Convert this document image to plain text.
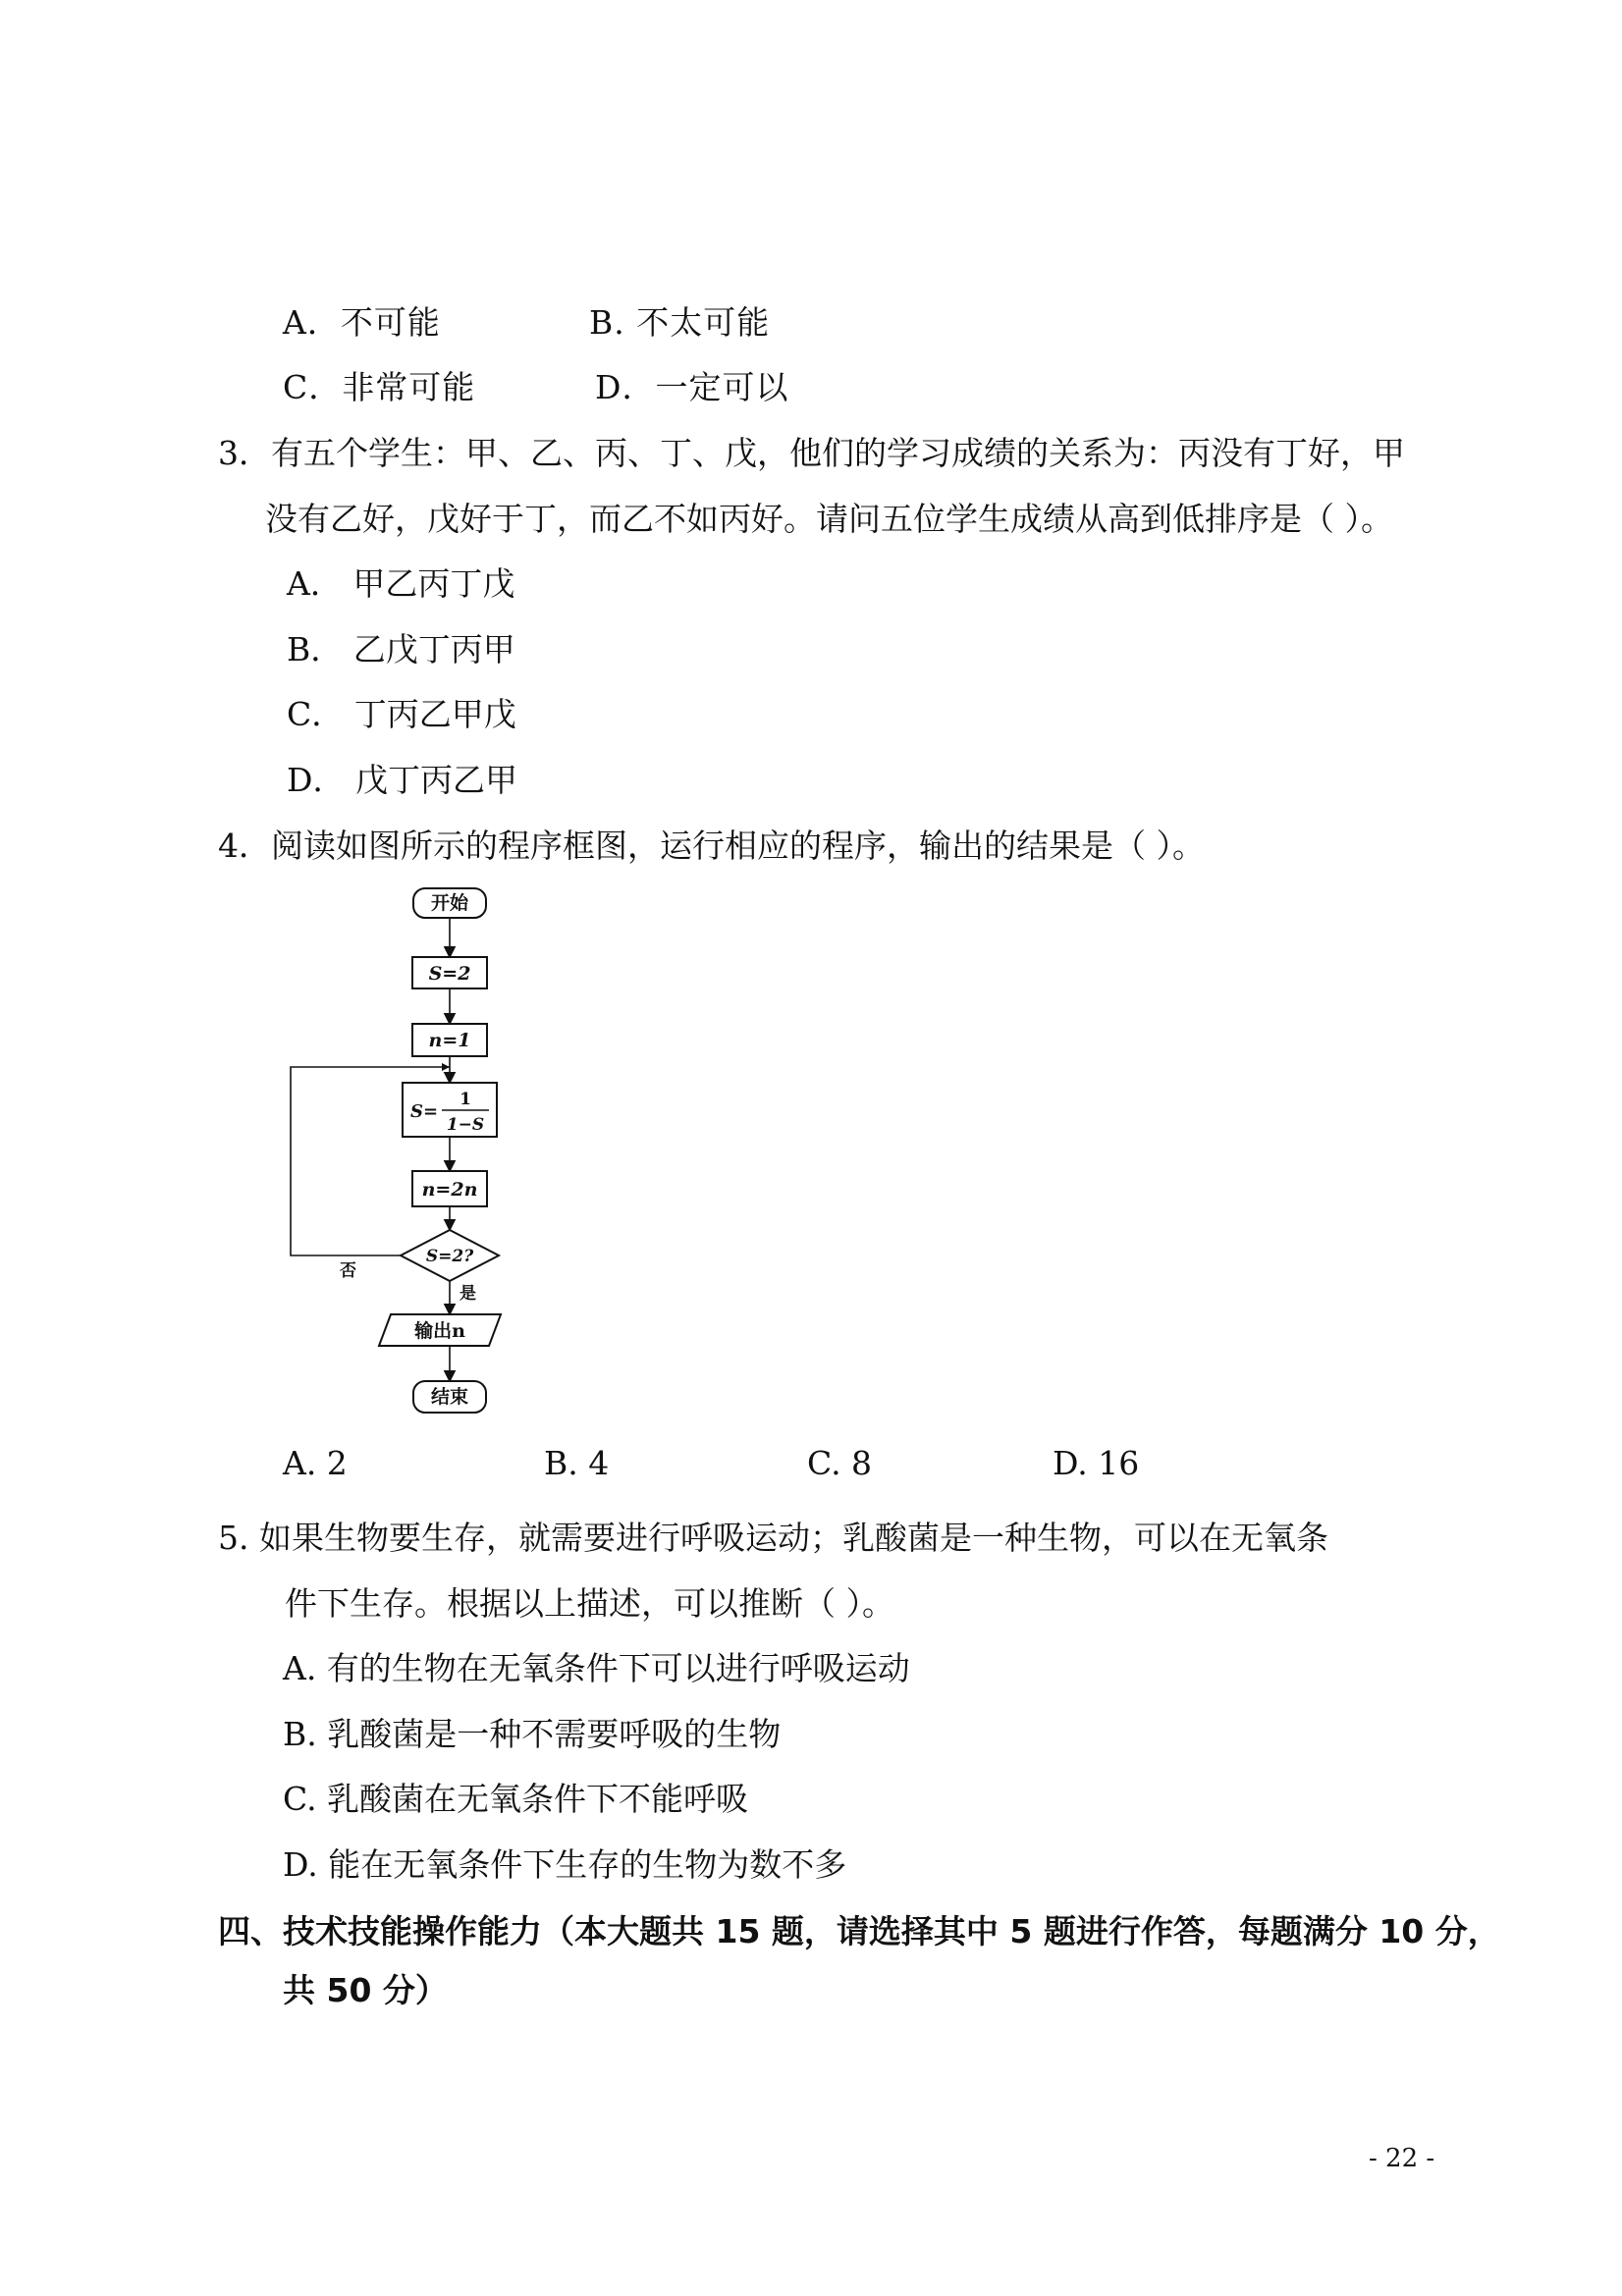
A．不可能	B. 不太可能
C．非常可能	D．一定可以
3．有五个学生：甲、乙、丙、丁、戊，他们的学习成绩的关系为：丙没有丁好，甲
没有乙好，戊好于丁，而乙不如丙好。请问五位学生成绩从高到低排序是（ ）。
A． 甲乙丙丁戊
B． 乙戊丁丙甲
C． 丁丙乙甲戊
D． 戊丁丙乙甲
4．阅读如图所示的程序框图，运行相应的程序，输出的结果是（ ）。
开始
S=2
n=1
S=
1
1−S
n=2n
S=2?
否
是
输出n
结束
A. 2	B. 4	C. 8	D. 16
5. 如果生物要生存，就需要进行呼吸运动；乳酸菌是一种生物，可以在无氧条
件下生存。根据以上描述，可以推断（ ）。
A. 有的生物在无氧条件下可以进行呼吸运动
B. 乳酸菌是一种不需要呼吸的生物
C. 乳酸菌在无氧条件下不能呼吸
D. 能在无氧条件下生存的生物为数不多
四、技术技能操作能力（本大题共 15 题，请选择其中 5 题进行作答，每题满分 10 分，
共 50 分）
- 22 -
